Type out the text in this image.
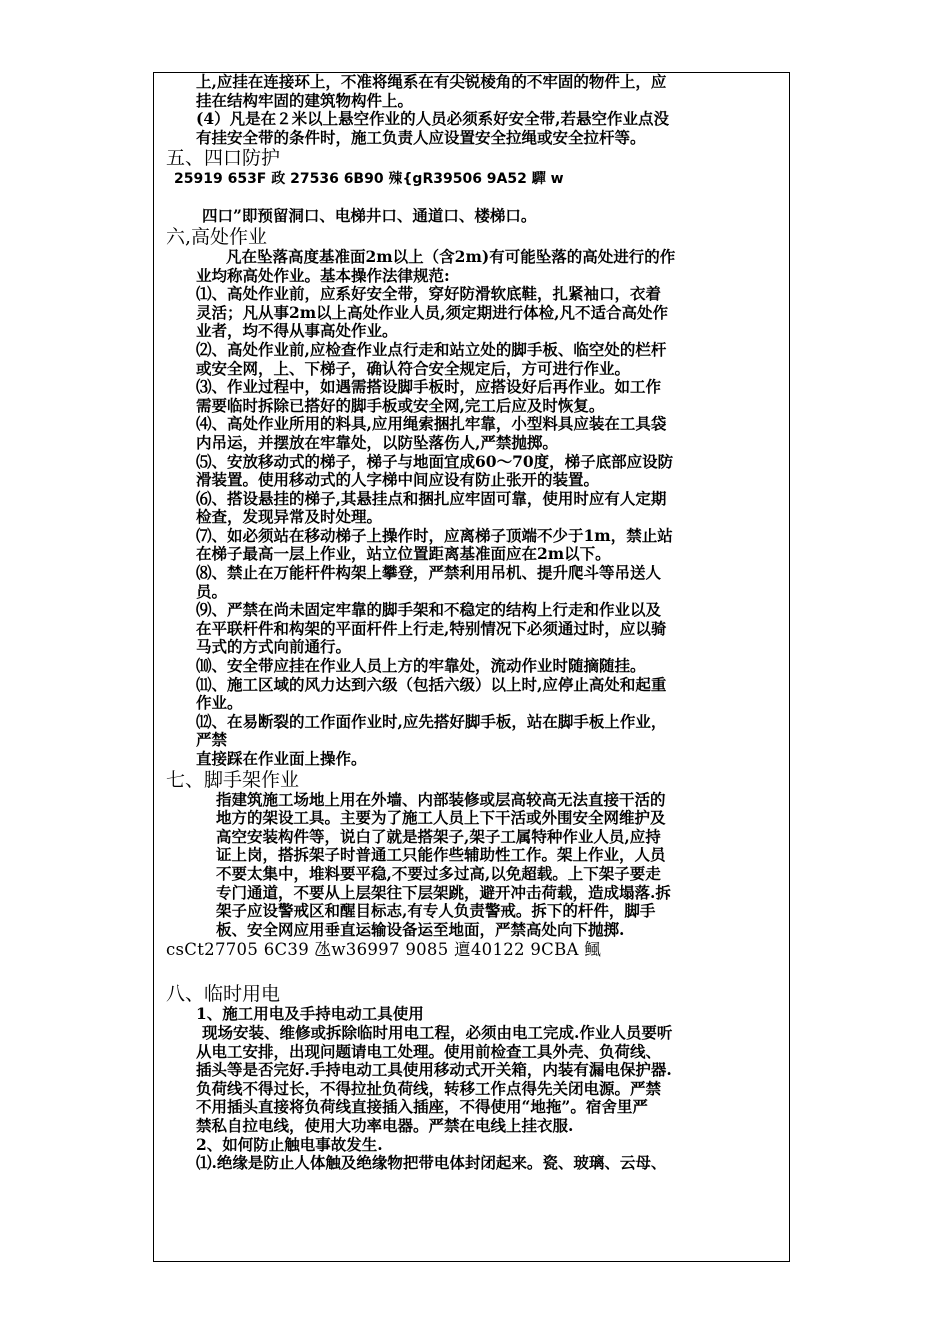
上,应挂在连接环上，不准将绳系在有尖锐棱角的不牢固的物件上，应

挂在结构牢固的建筑物构件上。

(4）凡是在２米以上悬空作业的人员必须系好安全带,若悬空作业点没

有挂安全带的条件时，施工负责人应设置安全拉绳或安全拉杆等。

五、四口防护

25919 653F 政 27536 6B90 殐{gR39506 9A52 驒 w

四口”即预留洞口、电梯井口、通道口、楼梯口。

六,高处作业

凡在坠落高度基准面2m以上（含2m)有可能坠落的高处进行的作

业均称高处作业。基本操作法律规范:

⑴、高处作业前，应系好安全带，穿好防滑软底鞋，扎紧袖口，衣着

灵活；凡从事2m以上高处作业人员,须定期进行体检,凡不适合高处作

业者，均不得从事高处作业。

⑵、高处作业前,应检查作业点行走和站立处的脚手板、临空处的栏杆

或安全网，上、下梯子，确认符合安全规定后，方可进行作业。

⑶、作业过程中，如遇需搭设脚手板时，应搭设好后再作业。如工作

需要临时拆除已搭好的脚手板或安全网,完工后应及时恢复。

⑷、高处作业所用的料具,应用绳索捆扎牢靠，小型料具应装在工具袋

内吊运，并摆放在牢靠处，以防坠落伤人,严禁抛掷。

⑸、安放移动式的梯子，梯子与地面宜成60～70度，梯子底部应设防

滑装置。使用移动式的人字梯中间应设有防止张开的装置。

⑹、搭设悬挂的梯子,其悬挂点和捆扎应牢固可靠，使用时应有人定期

检查，发现异常及时处理。

⑺、如必须站在移动梯子上操作时，应离梯子顶端不少于1m，禁止站

在梯子最高一层上作业，站立位置距离基准面应在2m以下。

⑻、禁止在万能杆件构架上攀登，严禁利用吊机、提升爬斗等吊送人

员。

⑼、严禁在尚未固定牢靠的脚手架和不稳定的结构上行走和作业以及

在平联杆件和构架的平面杆件上行走,特别情况下必须通过时，应以骑

马式的方式向前通行。

⑽、安全带应挂在作业人员上方的牢靠处，流动作业时随摘随挂。

⑾、施工区域的风力达到六级（包括六级）以上时,应停止高处和起重

作业。

⑿、在易断裂的工作面作业时,应先搭好脚手板，站在脚手板上作业，

严禁

直接踩在作业面上操作。

七、脚手架作业

指建筑施工场地上用在外墙、内部装修或层高较高无法直接干活的

地方的架设工具。主要为了施工人员上下干活或外围安全网维护及

高空安装构件等，说白了就是搭架子,架子工属特种作业人员,应持

证上岗，搭拆架子时普通工只能作些辅助性工作。架上作业，人员

不要太集中，堆料要平稳,不要过多过高,以免超载。上下架子要走

专门通道，不要从上层架往下层架跳，避开冲击荷载，造成塌落.拆

架子应设警戒区和醒目标志,有专人负责警戒。拆下的杆件，脚手

板、安全网应用垂直运输设备运至地面，严禁高处向下抛掷.

csCt27705 6C39 氹w36997 9085 邅40122 9CBA 鲺

八、临时用电

1、施工用电及手持电动工具使用

现场安装、维修或拆除临时用电工程，必须由电工完成.作业人员要听

从电工安排，出现问题请电工处理。使用前检查工具外壳、负荷线、

插头等是否完好.手持电动工具使用移动式开关箱，内装有漏电保护器.

负荷线不得过长，不得拉扯负荷线，转移工作点得先关闭电源。严禁

不用插头直接将负荷线直接插入插座，不得使用“地拖”。宿舍里严

禁私自拉电线，使用大功率电器。严禁在电线上挂衣服.

2、如何防止触电事故发生.

⑴.绝缘是防止人体触及绝缘物把带电体封闭起来。瓷、玻璃、云母、
